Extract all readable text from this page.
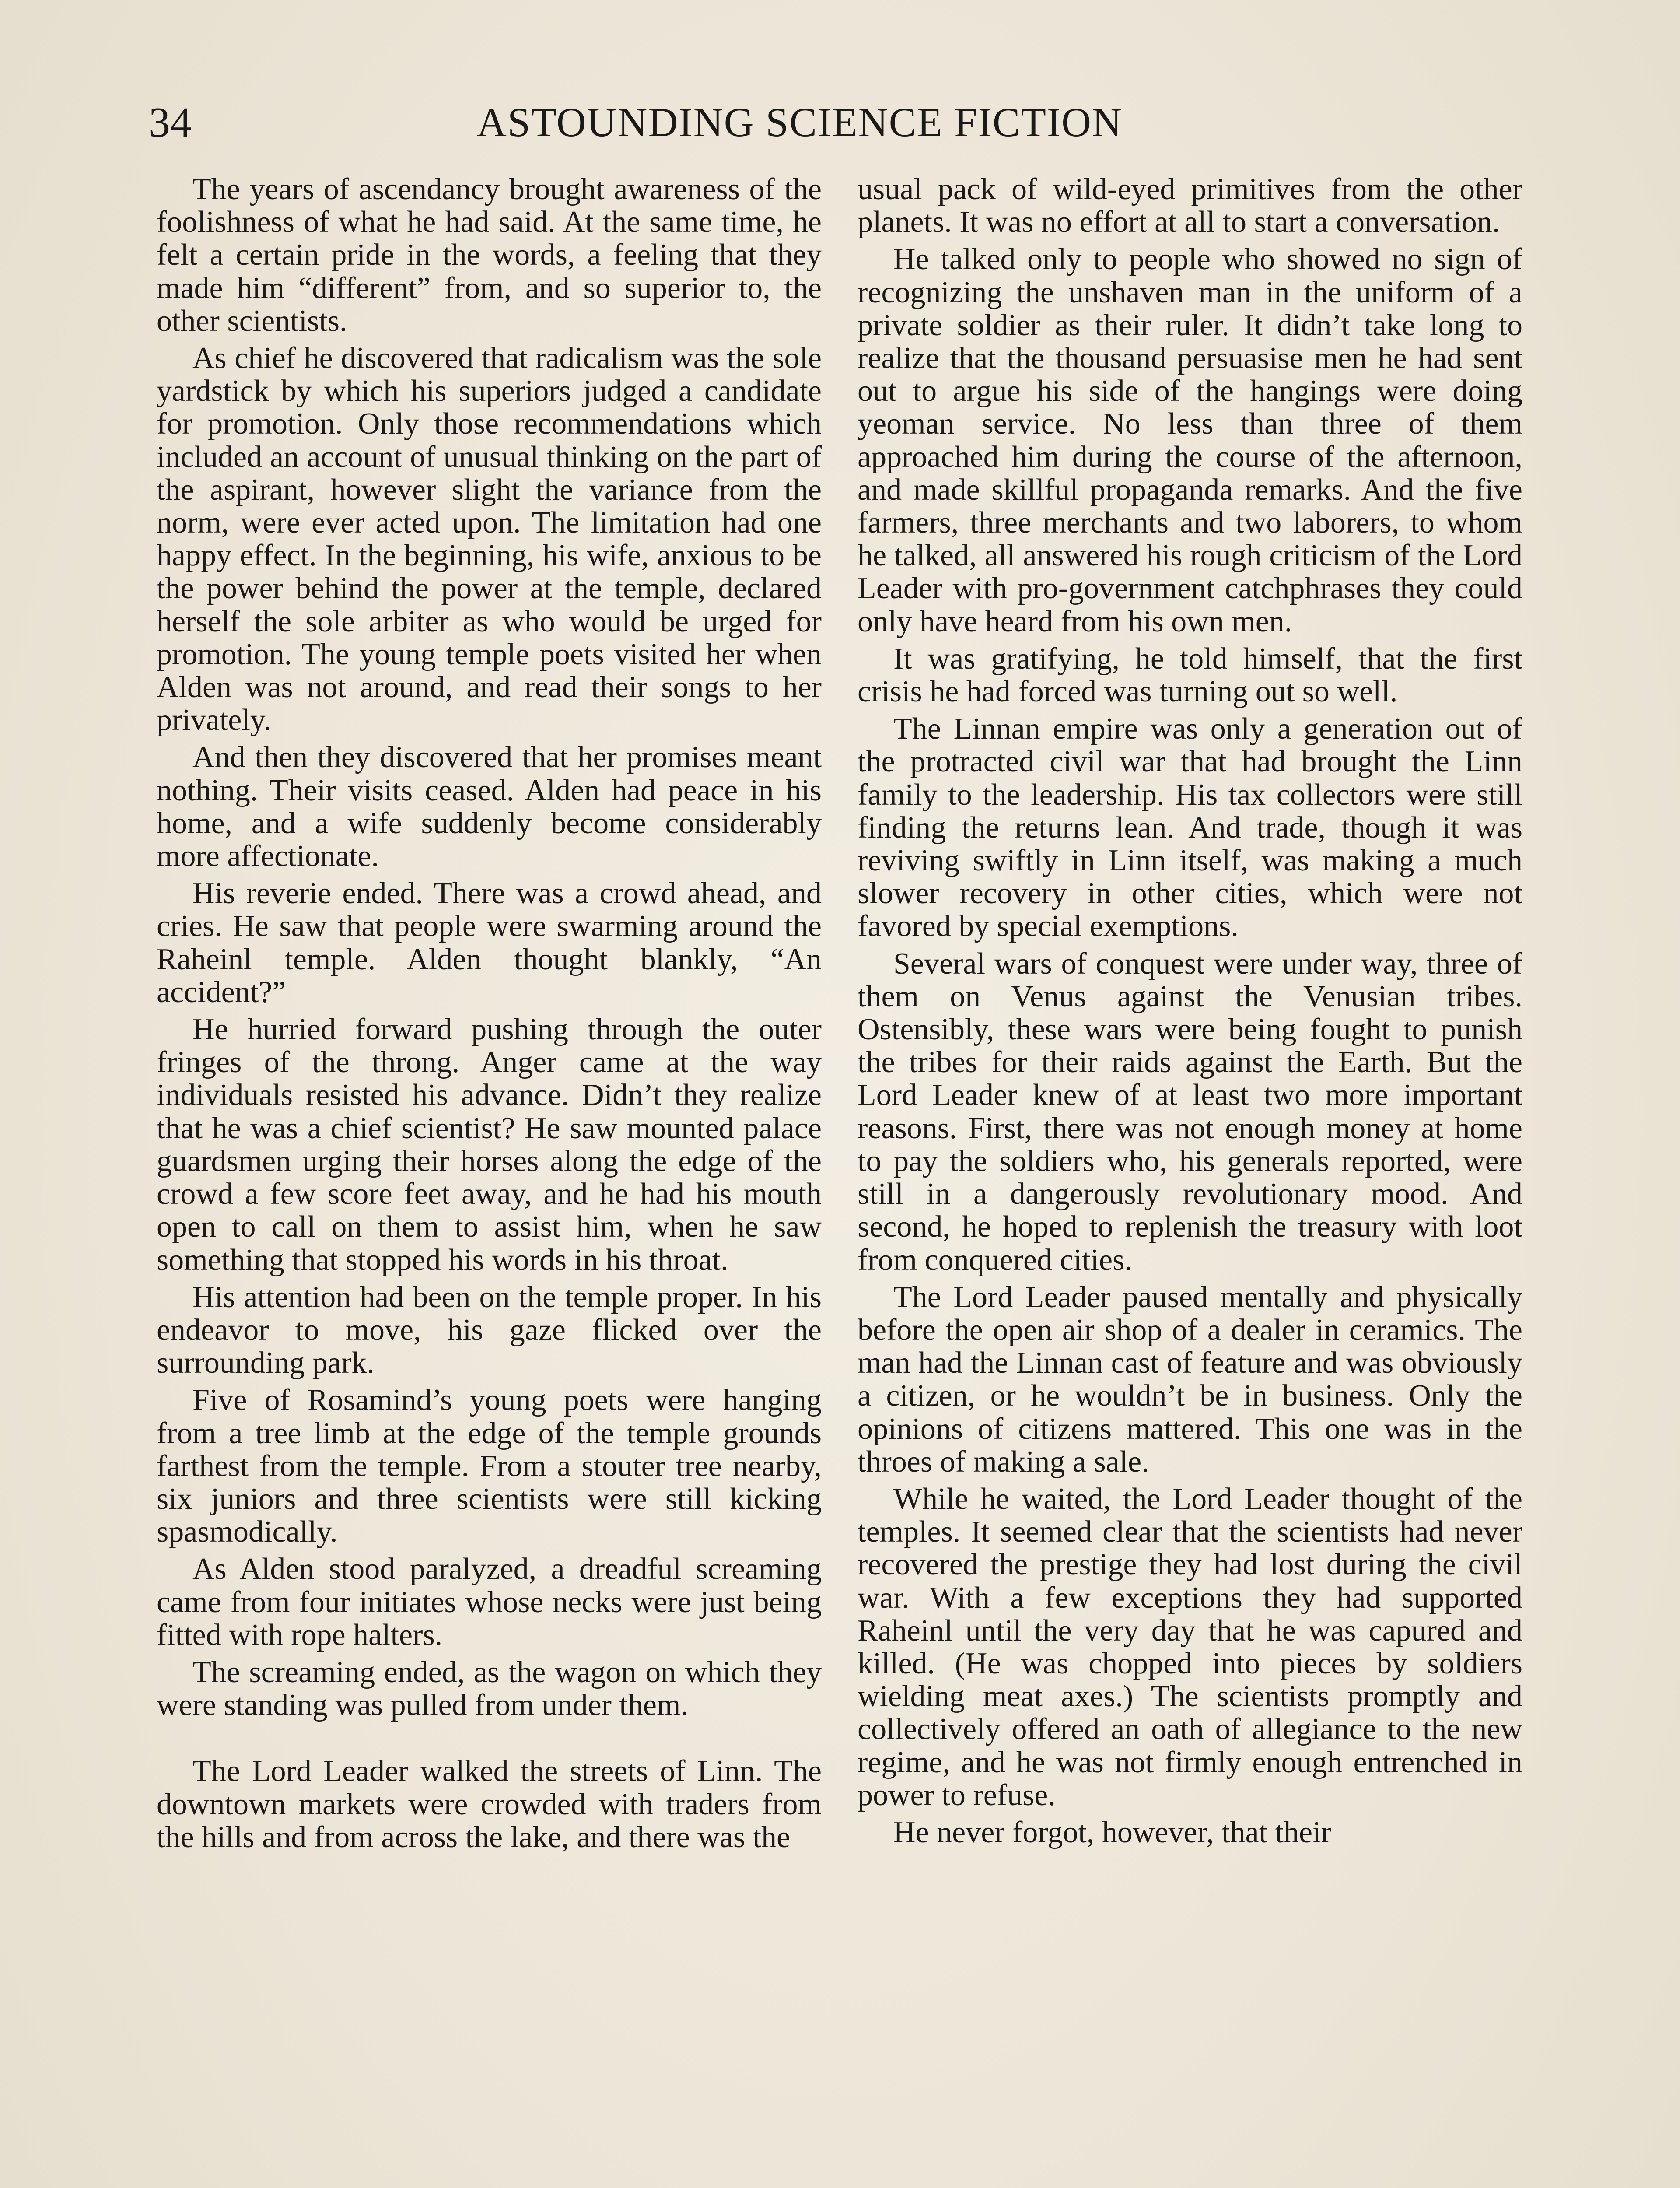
34	ASTOUNDING SCIENCE FICTION

The years of ascendancy brought awareness of the foolishness of what he had said. At the same time, he felt a certain pride in the words, a feeling that they made him “different” from, and so superior to, the other scientists.

As chief he discovered that radicalism was the sole yardstick by which his superiors judged a candidate for promotion. Only those recommendations which included an account of unusual thinking on the part of the aspirant, however slight the variance from the norm, were ever acted upon. The limitation had one happy effect. In the beginning, his wife, anxious to be the power behind the power at the temple, declared herself the sole arbiter as who would be urged for promotion. The young temple poets visited her when Alden was not around, and read their songs to her privately.

And then they discovered that her promises meant nothing. Their visits ceased. Alden had peace in his home, and a wife suddenly become considerably more affectionate.

His reverie ended. There was a crowd ahead, and cries. He saw that people were swarming around the Raheinl temple. Alden thought blankly, “An accident?”

He hurried forward pushing through the outer fringes of the throng. Anger came at the way individuals resisted his advance. Didn’t they realize that he was a chief scientist? He saw mounted palace guardsmen urging their horses along the edge of the crowd a few score feet away, and he had his mouth open to call on them to assist him, when he saw something that stopped his words in his throat.

His attention had been on the temple proper. In his endeavor to move, his gaze flicked over the surrounding park.

Five of Rosamind’s young poets were hanging from a tree limb at the edge of the temple grounds farthest from the temple. From a stouter tree nearby, six juniors and three scientists were still kicking spasmodically.

As Alden stood paralyzed, a dreadful screaming came from four initiates whose necks were just being fitted with rope halters.

The screaming ended, as the wagon on which they were standing was pulled from under them.

The Lord Leader walked the streets of Linn. The downtown markets were crowded with traders from the hills and from across the lake, and there was the

usual pack of wild-eyed primitives from the other planets. It was no effort at all to start a conversation.

He talked only to people who showed no sign of recognizing the unshaven man in the uniform of a private soldier as their ruler. It didn’t take long to realize that the thousand persuasise men he had sent out to argue his side of the hangings were doing yeoman service. No less than three of them approached him during the course of the afternoon, and made skillful propaganda remarks. And the five farmers, three merchants and two laborers, to whom he talked, all answered his rough criticism of the Lord Leader with pro-government catchphrases they could only have heard from his own men.

It was gratifying, he told himself, that the first crisis he had forced was turning out so well.

The Linnan empire was only a generation out of the protracted civil war that had brought the Linn family to the leadership. His tax collectors were still finding the returns lean. And trade, though it was reviving swiftly in Linn itself, was making a much slower recovery in other cities, which were not favored by special exemptions.

Several wars of conquest were under way, three of them on Venus against the Venusian tribes. Ostensibly, these wars were being fought to punish the tribes for their raids against the Earth. But the Lord Leader knew of at least two more important reasons. First, there was not enough money at home to pay the soldiers who, his generals reported, were still in a dangerously revolutionary mood. And second, he hoped to replenish the treasury with loot from conquered cities.

The Lord Leader paused mentally and physically before the open air shop of a dealer in ceramics. The man had the Linnan cast of feature and was obviously a citizen, or he wouldn’t be in business. Only the opinions of citizens mattered. This one was in the throes of making a sale.

While he waited, the Lord Leader thought of the temples. It seemed clear that the scientists had never recovered the prestige they had lost during the civil war. With a few exceptions they had supported Raheinl until the very day that he was capured and killed. (He was chopped into pieces by soldiers wielding meat axes.) The scientists promptly and collectively offered an oath of allegiance to the new regime, and he was not firmly enough entrenched in power to refuse.

He never forgot, however, that their
